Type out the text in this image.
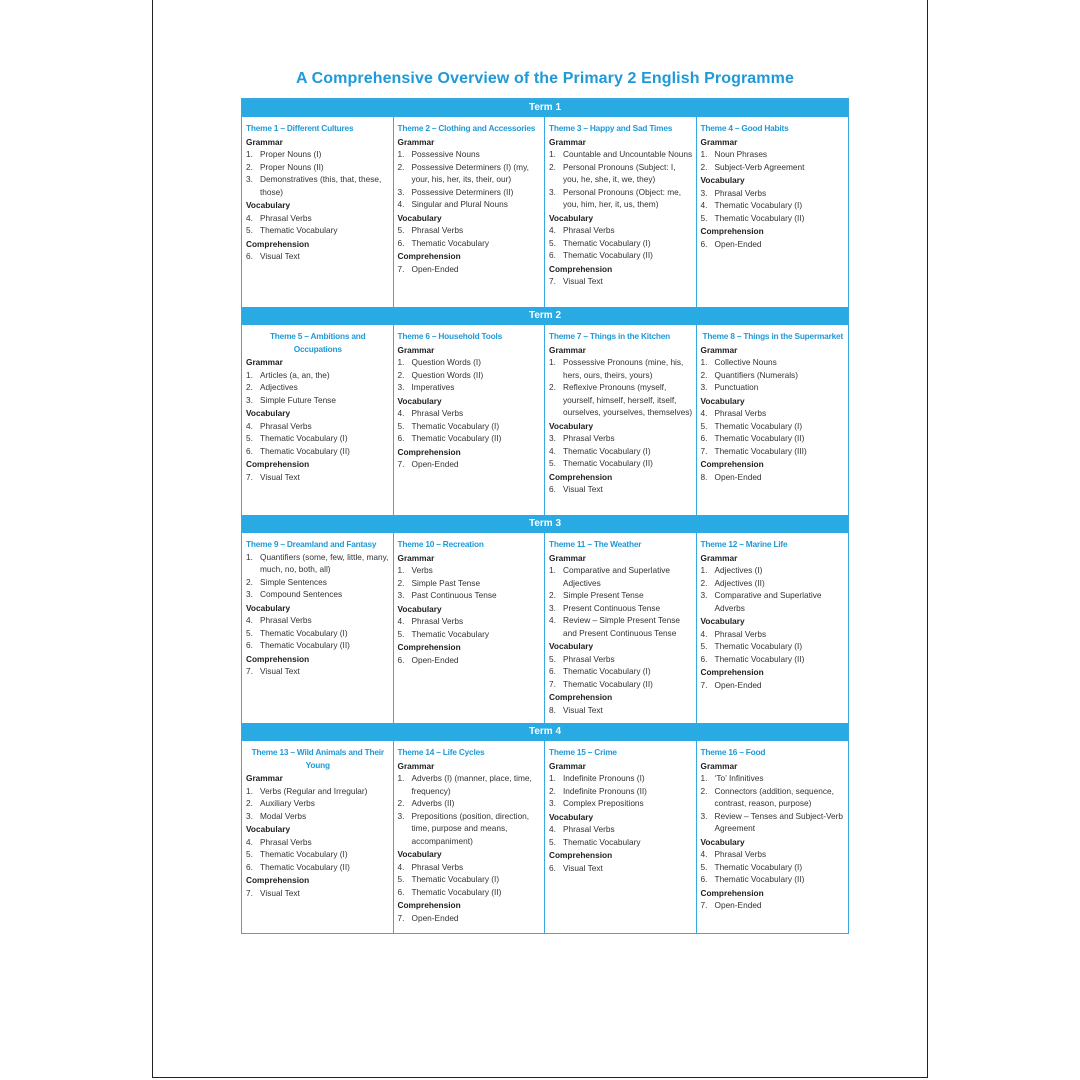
A Comprehensive Overview of the Primary 2 English Programme
Term 1
Theme 1 – Different Cultures
Grammar
1. Proper Nouns (I)
2. Proper Nouns (II)
3. Demonstratives (this, that, these, those)
Vocabulary
4. Phrasal Verbs
5. Thematic Vocabulary
Comprehension
6. Visual Text
Theme 2 – Clothing and Accessories
Grammar
1. Possessive Nouns
2. Possessive Determiners (I) (my, your, his, her, its, their, our)
3. Possessive Determiners (II)
4. Singular and Plural Nouns
Vocabulary
5. Phrasal Verbs
6. Thematic Vocabulary
Comprehension
7. Open-Ended
Theme 3 – Happy and Sad Times
Grammar
1. Countable and Uncountable Nouns
2. Personal Pronouns (Subject: I, you, he, she, it, we, they)
3. Personal Pronouns (Object: me, you, him, her, it, us, them)
Vocabulary
4. Phrasal Verbs
5. Thematic Vocabulary (I)
6. Thematic Vocabulary (II)
Comprehension
7. Visual Text
Theme 4 – Good Habits
Grammar
1. Noun Phrases
2. Subject-Verb Agreement
Vocabulary
3. Phrasal Verbs
4. Thematic Vocabulary (I)
5. Thematic Vocabulary (II)
Comprehension
6. Open-Ended
Term 2
Theme 5 – Ambitions and Occupations
Grammar
1. Articles (a, an, the)
2. Adjectives
3. Simple Future Tense
Vocabulary
4. Phrasal Verbs
5. Thematic Vocabulary (I)
6. Thematic Vocabulary (II)
Comprehension
7. Visual Text
Theme 6 – Household Tools
Grammar
1. Question Words (I)
2. Question Words (II)
3. Imperatives
Vocabulary
4. Phrasal Verbs
5. Thematic Vocabulary (I)
6. Thematic Vocabulary (II)
Comprehension
7. Open-Ended
Theme 7 – Things in the Kitchen
Grammar
1. Possessive Pronouns (mine, his, hers, ours, theirs, yours)
2. Reflexive Pronouns (myself, yourself, himself, herself, itself, ourselves, yourselves, themselves)
Vocabulary
3. Phrasal Verbs
4. Thematic Vocabulary (I)
5. Thematic Vocabulary (II)
Comprehension
6. Visual Text
Theme 8 – Things in the Supermarket
Grammar
1. Collective Nouns
2. Quantifiers (Numerals)
3. Punctuation
Vocabulary
4. Phrasal Verbs
5. Thematic Vocabulary (I)
6. Thematic Vocabulary (II)
7. Thematic Vocabulary (III)
Comprehension
8. Open-Ended
Term 3
Theme 9 – Dreamland and Fantasy
1. Quantifiers (some, few, little, many, much, no, both, all)
2. Simple Sentences
3. Compound Sentences
Vocabulary
4. Phrasal Verbs
5. Thematic Vocabulary (I)
6. Thematic Vocabulary (II)
Comprehension
7. Visual Text
Theme 10 – Recreation
Grammar
1. Verbs
2. Simple Past Tense
3. Past Continuous Tense
Vocabulary
4. Phrasal Verbs
5. Thematic Vocabulary
Comprehension
6. Open-Ended
Theme 11 – The Weather
Grammar
1. Comparative and Superlative Adjectives
2. Simple Present Tense
3. Present Continuous Tense
4. Review – Simple Present Tense and Present Continuous Tense
Vocabulary
5. Phrasal Verbs
6. Thematic Vocabulary (I)
7. Thematic Vocabulary (II)
Comprehension
8. Visual Text
Theme 12 – Marine Life
Grammar
1. Adjectives (I)
2. Adjectives (II)
3. Comparative and Superlative Adverbs
Vocabulary
4. Phrasal Verbs
5. Thematic Vocabulary (I)
6. Thematic Vocabulary (II)
Comprehension
7. Open-Ended
Term 4
Theme 13 – Wild Animals and Their Young
Grammar
1. Verbs (Regular and Irregular)
2. Auxiliary Verbs
3. Modal Verbs
Vocabulary
4. Phrasal Verbs
5. Thematic Vocabulary (I)
6. Thematic Vocabulary (II)
Comprehension
7. Visual Text
Theme 14 – Life Cycles
Grammar
1. Adverbs (I) (manner, place, time, frequency)
2. Adverbs (II)
3. Prepositions (position, direction, time, purpose and means, accompaniment)
Vocabulary
4. Phrasal Verbs
5. Thematic Vocabulary (I)
6. Thematic Vocabulary (II)
Comprehension
7. Open-Ended
Theme 15 – Crime
Grammar
1. Indefinite Pronouns (I)
2. Indefinite Pronouns (II)
3. Complex Prepositions
Vocabulary
4. Phrasal Verbs
5. Thematic Vocabulary
Comprehension
6. Visual Text
Theme 16 – Food
Grammar
1. ‘To’ Infinitives
2. Connectors (addition, sequence, contrast, reason, purpose)
3. Review – Tenses and Subject-Verb Agreement
Vocabulary
4. Phrasal Verbs
5. Thematic Vocabulary (I)
6. Thematic Vocabulary (II)
Comprehension
7. Open-Ended
